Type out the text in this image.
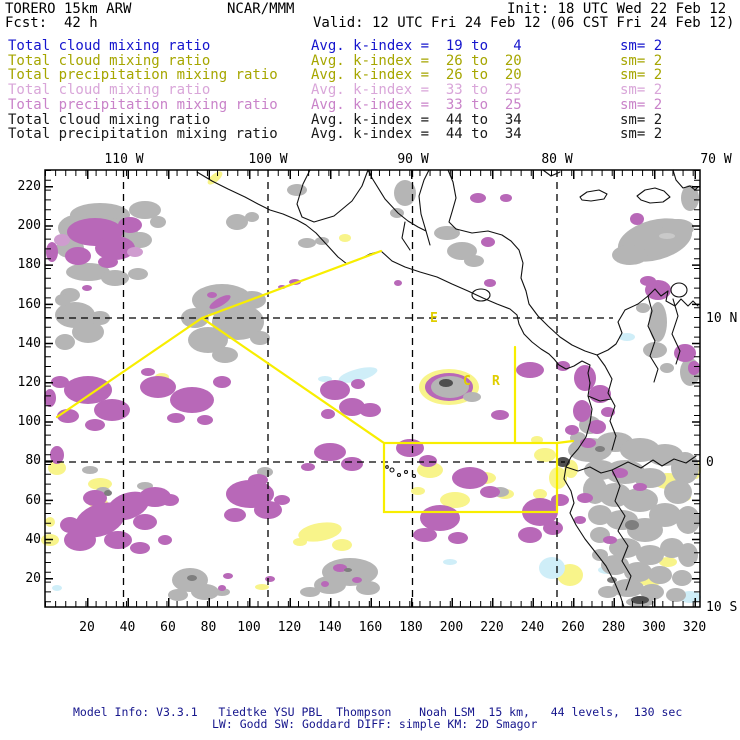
TORERO 15km ARW	NCAR/MMM	Init: 18 UTC Wed 22 Feb 12
Fcst: 42 h	Valid: 12 UTC Fri 24 Feb 12 (06 CST Fri 24 Feb 12)
Total cloud mixing ratio	Avg. k-index =  19 to   4	sm= 2
Total cloud mixing ratio	Avg. k-index =  26 to  20	sm= 2
Total precipitation mixing ratio Avg. k-index =  26 to  20	sm= 2
Total cloud mixing ratio	Avg. k-index =  33 to  25	sm= 2
Total precipitation mixing ratio Avg. k-index =  33 to  25	sm= 2
Total cloud mixing ratio	Avg. k-index =  44 to  34	sm= 2
Total precipitation mixing ratio Avg. k-index =  44 to  34	sm= 2
E
C R
110 W	100 W	90 W	80 W	70 W
20 40 60 80 100 120 140 160 180 200 220 240 260 280 300 320
220
200
180
160
140
120
100
80
60
40
20
10 N
0
10 S
Model Info: V3.3.1   Tiedtke YSU PBL  Thompson    Noah LSM  15 km,   44 levels,  130 sec
LW: Godd SW: Goddard DIFF: simple KM: 2D Smagor
